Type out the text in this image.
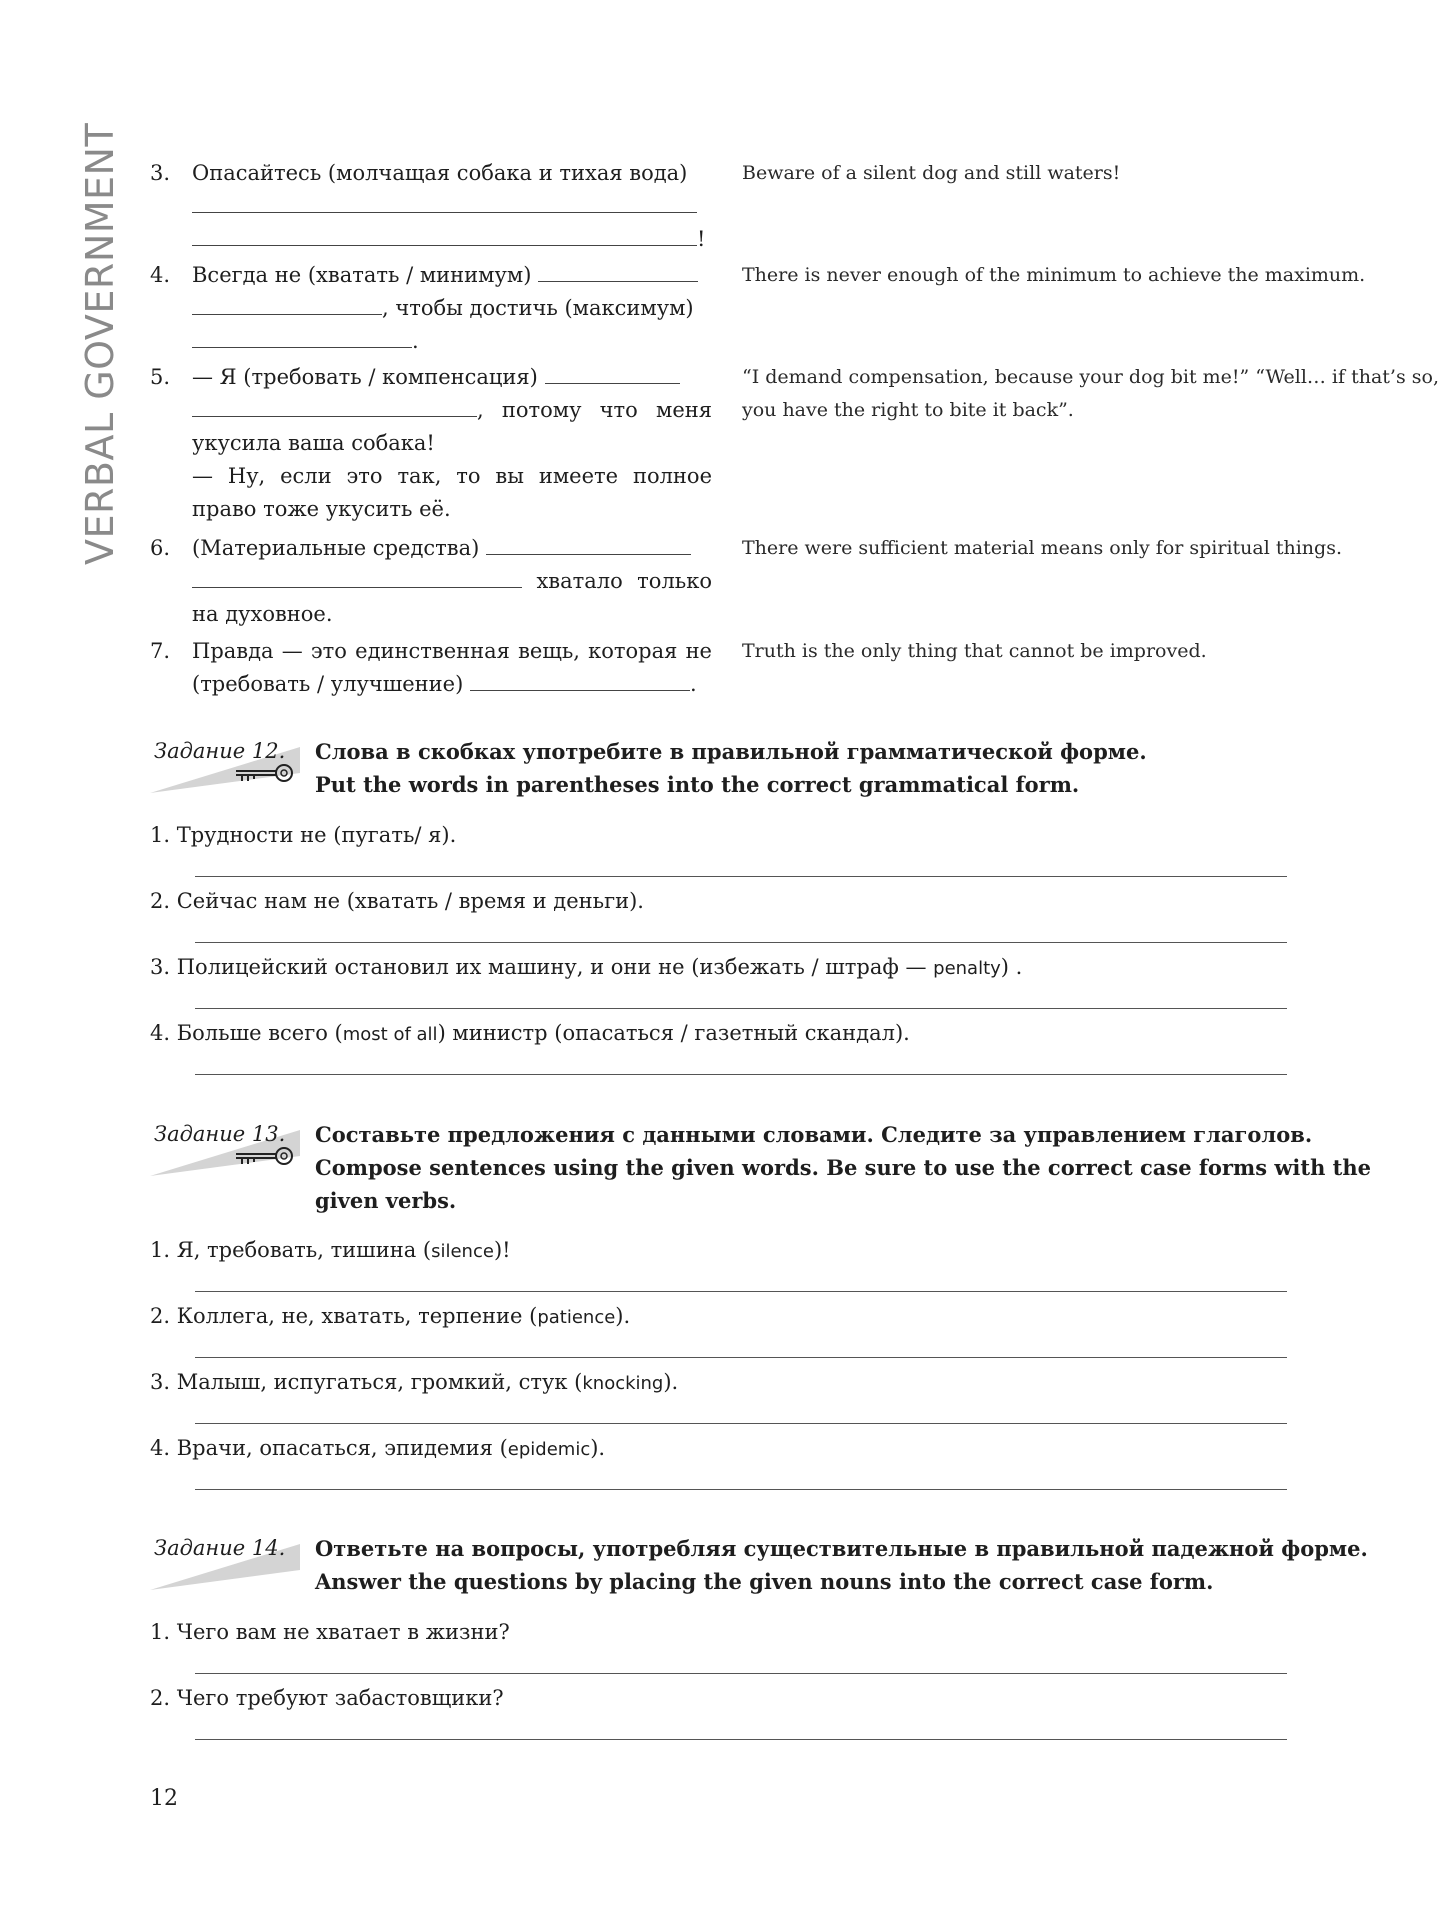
VERBAL GOVERNMENT	3.	Опасайтесь (молчащая собака и тихая вода)

!
Beware of a silent dog and still waters!
4.	Всегда не (хватать / минимум)
, чтобы достичь (максимум)
.
There is never enough of the minimum to achieve the maximum.
5.	— Я (требовать / компенсация)
, потому что меня укусила ваша собака!
— Ну, если это так, то вы имеете полное право тоже укусить её.
“I demand compensation, because your dog bit me!” “Well… if that’s so, you have the right to bite it back”.
6.	(Материальные средства)
хватало только на духовное.
There were sufficient material means only for spiritual things.
7.	Правда — это единственная вещь, которая не (требовать / улучшение)	.
Truth is the only thing that cannot be improved.
Задание 12. Слова в скобках употребите в правильной грамматической форме.
Put the words in parentheses into the correct grammatical form.
1. Трудности не (пугать/ я).
2. Сейчас нам не (хватать / время и деньги).
3. Полицейский остановил их машину, и они не (избежать / штраф — penalty) .
4. Больше всего (most of all) министр (опасаться / газетный скандал).
Задание 13. Составьте предложения с данными словами. Следите за управлением глаголов.
Compose sentences using the given words. Be sure to use the correct case forms with the given verbs.
1. Я, требовать, тишина (silence)!
2. Коллега, не, хватать, терпение (patience).
3. Малыш, испугаться, громкий, стук (knocking).
4. Врачи, опасаться, эпидемия (epidemic).
Задание 14. Ответьте на вопросы, употребляя существительные в правильной падежной форме.
Answer the questions by placing the given nouns into the correct case form.
1. Чего вам не хватает в жизни?
2. Чего требуют забастовщики?
12
